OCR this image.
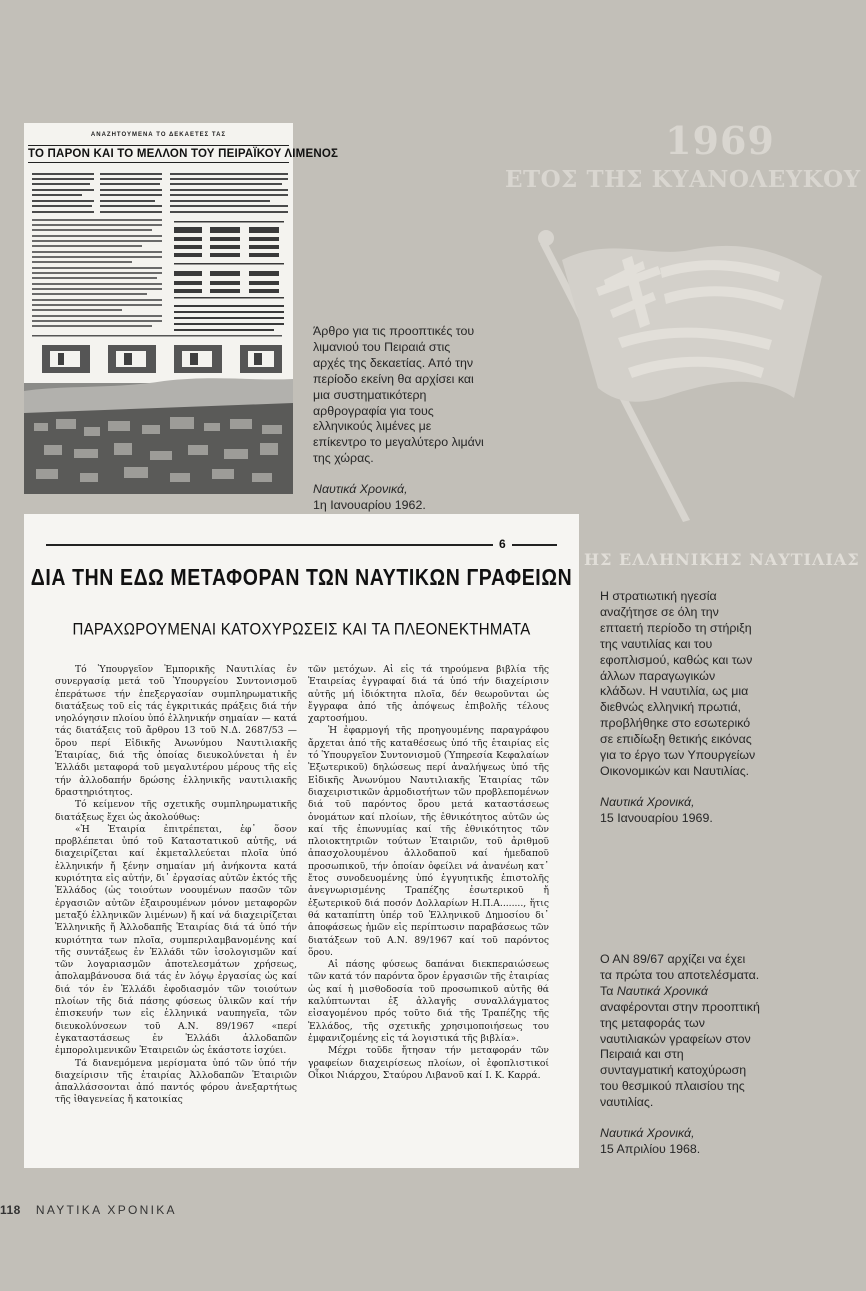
1969
ΕΤΟΣ ΤΗΣ ΚΥΑΝΟΛΕΥΚΟΥ
ΗΣ ΕΛΛΗΝΙΚΗΣ ΝΑΥΤΙΛΙΑΣ
ΑΝΑΖΗΤΟΥΜΕΝΑ ΤΟ ΔΕΚΑΕΤΕΣ ΤΑΣ
ΤΟ ΠΑΡΟΝ ΚΑΙ ΤΟ ΜΕΛΛΟΝ ΤΟΥ ΠΕΙΡΑΪΚΟΥ ΛΙΜΕΝΟΣ

Άρθρο για τις προοπτικές του λιμανιού του Πειραιά στις αρχές της δεκαετίας. Από την περίοδο εκείνη θα αρχίσει και μια συστηματικότερη αρθρογραφία για τους ελληνικούς λιμένες με επίκεντρο το μεγαλύτερο λιμάνι της χώρας.

Ναυτικά Χρονικά,

1η Ιανουαρίου 1962.

Η στρατιωτική ηγεσία αναζήτησε σε όλη την επταετή περίοδο τη στήριξη της ναυτιλίας και του εφοπλισμού, καθώς και των άλλων παραγωγικών κλάδων. Η ναυτιλία, ως μια διεθνώς ελληνική πρωτιά, προβλήθηκε στο εσωτερικό σε επιδίωξη θετικής εικόνας για το έργο των Υπουργείων Οικονομικών και Ναυτιλίας.

Ναυτικά Χρονικά,

15 Ιανουαρίου 1969.

Ο ΑΝ 89/67 αρχίζει να έχει τα πρώτα του αποτελέσματα. Τα Ναυτικά Χρονικά αναφέρονται στην προοπτική της μεταφοράς των ναυτιλιακών γραφείων στον Πειραιά και στη συνταγματική κατοχύρωση του θεσμικού πλαισίου της ναυτιλίας.

Ναυτικά Χρονικά,

15 Απριλίου 1968.

6
ΔΙΑ ΤΗΝ ΕΔΩ ΜΕΤΑΦΟΡΑΝ ΤΩΝ ΝΑΥΤΙΚΩΝ ΓΡΑΦΕΙΩΝ
ΠΑΡΑΧΩΡΟΥΜΕΝΑΙ ΚΑΤΟΧΥΡΩΣΕΙΣ ΚΑΙ ΤΑ ΠΛΕΟΝΕΚΤΗΜΑΤΑ

Τό Ὑπουργεῖον Ἐμπορικῆς Ναυτιλίας ἐν συνεργασίᾳ μετά τοῦ Ὑπουργείου Συντονισμοῦ ἐπεράτωσε τήν ἐπεξεργασίαν συμπληρωματικῆς διατάξεως τοῦ εἰς τάς ἐγκριτικάς πράξεις διά τήν νηολόγησιν πλοίου ὑπό ἑλληνικήν σημαίαν — κατά τάς διατάξεις τοῦ ἄρθρου 13 τοῦ Ν.Δ. 2687/53 — ὅρου περί Εἰδικῆς Ἀνωνύμου Ναυτιλιακῆς Ἑταιρίας, διά τῆς ὁποίας διευκολύνεται ἡ ἐν Ἑλλάδι μεταφορά τοῦ μεγαλυτέρου μέρους τῆς εἰς τήν ἀλλοδαπήν δρώσης ἑλληνικῆς ναυτιλιακῆς δραστηριότητος.

Τό κείμενον τῆς σχετικῆς συμπληρωματικῆς διατάξεως ἔχει ὡς ἀκολούθως:

«Ἡ Ἑταιρία ἐπιτρέπεται, ἐφ᾽ ὅσον προβλέπεται ὑπό τοῦ Καταστατικοῦ αὐτῆς, νά διαχειρίζεται καί ἐκμεταλλεύεται πλοῖα ὑπό ἑλληνικήν ἤ ξένην σημαίαν μή ἀνήκοντα κατά κυριότητα εἰς αὐτήν, δι᾽ ἐργασίας αὐτῶν ἐκτός τῆς Ἑλλάδος (ὡς τοιούτων νοουμένων πασῶν τῶν ἐργασιῶν αὐτῶν ἐξαιρουμένων μόνον μεταφορῶν μεταξύ ἑλληνικῶν λιμένων) ἤ καί νά διαχειρίζεται Ἑλληνικῆς ἤ Ἀλλοδαπῆς Ἑταιρίας διά τά ὑπό τήν κυριότητα των πλοῖα, συμπεριλαμβανομένης καί τῆς συντάξεως ἐν Ἑλλάδι τῶν ἰσολογισμῶν καί τῶν λογαριασμῶν ἀποτελεσμάτων χρήσεως, ἀπολαμβάνουσα διά τάς ἐν λόγῳ ἐργασίας ὡς καί διά τόν ἐν Ἑλλάδι ἐφοδιασμόν τῶν τοιούτων πλοίων τῆς διά πάσης φύσεως ὑλικῶν καί τήν ἐπισκευήν των εἰς ἑλληνικά ναυπηγεῖα, τῶν διευκολύνσεων τοῦ Α.Ν. 89/1967 «περί ἐγκαταστάσεως ἐν Ἑλλάδι ἀλλοδαπῶν ἐμπορολιμενικῶν Ἑταιρειῶν ὡς ἑκάστοτε ἰσχύει.

Τά διανεμόμενα μερίσματα ὑπό τῶν ὑπό τήν διαχείρισιν τῆς ἑταιρίας Ἀλλοδαπῶν Ἑταιριῶν ἀπαλλάσσονται ἀπό παντός φόρου ἀνεξαρτήτως τῆς ἰθαγενείας ἤ κατοικίας

τῶν μετόχων. Αἱ εἰς τά τηρούμενα βιβλία τῆς Ἑταιρείας ἐγγραφαί διά τά ὑπό τήν διαχείρισιν αὐτῆς μή ἰδιόκτητα πλοῖα, δέν θεωροῦνται ὡς ἔγγραφα ἀπό τῆς ἀπόψεως ἐπιβολῆς τέλους χαρτοσήμου.

Ἡ ἐφαρμογή τῆς προηγουμένης παραγράφου ἄρχεται ἀπό τῆς καταθέσεως ὑπό τῆς ἑταιρίας εἰς τό Ὑπουργεῖον Συντονισμοῦ (Ὑπηρεσία Κεφαλαίων Ἐξωτερικοῦ) δηλώσεως περί ἀναλήψεως ὑπό τῆς Εἰδικῆς Ἀνωνύμου Ναυτιλιακῆς Ἑταιρίας τῶν διαχειριστικῶν ἁρμοδιοτήτων τῶν προβλεπομένων διά τοῦ παρόντος ὅρου μετά καταστάσεως ὀνομάτων καί πλοίων, τῆς ἐθνικότητος αὐτῶν ὡς καί τῆς ἐπωνυμίας καί τῆς ἐθνικότητος τῶν πλοιοκτητριῶν τούτων Ἑταιριῶν, τοῦ ἀριθμοῦ ἀπασχολουμένου ἀλλοδαποῦ καί ἡμεδαποῦ προσωπικοῦ, τήν ὁποίαν ὀφείλει νά ἀνανέωη κατ᾽ ἔτος συνοδευομένης ὑπό ἐγγυητικῆς ἐπιστολῆς ἀνεγνωρισμένης Τραπέζης ἐσωτερικοῦ ἤ ἐξωτερικοῦ διά ποσόν Δολλαρίων Η.Π.Α........, ἥτις θά καταπίπτη ὑπέρ τοῦ Ἑλληνικοῦ Δημοσίου δι᾽ ἀποφάσεως ἡμῶν εἰς περίπτωσιν παραβάσεως τῶν διατάξεων τοῦ Α.Ν. 89/1967 καί τοῦ παρόντος ὅρου.

Αἱ πάσης φύσεως δαπάναι διεκπεραιώσεως τῶν κατά τόν παρόντα ὅρον ἐργασιῶν τῆς ἑταιρίας ὡς καί ἡ μισθοδοσία τοῦ προσωπικοῦ αὐτῆς θά καλύπτωνται ἐξ ἀλλαγῆς συναλλάγματος εἰσαγομένου πρός τοῦτο διά τῆς Τραπέζης τῆς Ἑλλάδος, τῆς σχετικῆς χρησιμοποιήσεως του ἐμφανιζομένης εἰς τά λογιστικά τῆς βιβλία».

Μέχρι τοῦδε ἤτησαν τήν μεταφοράν τῶν γραφείων διαχειρίσεως πλοίων, οἱ ἐφοπλιστικοί Οἶκοι Νιάρχου, Σταύρου Λιβανοῦ καί Ι. Κ. Καρρά.

118 ΝΑΥΤΙΚΑ ΧΡΟΝΙΚΑ
